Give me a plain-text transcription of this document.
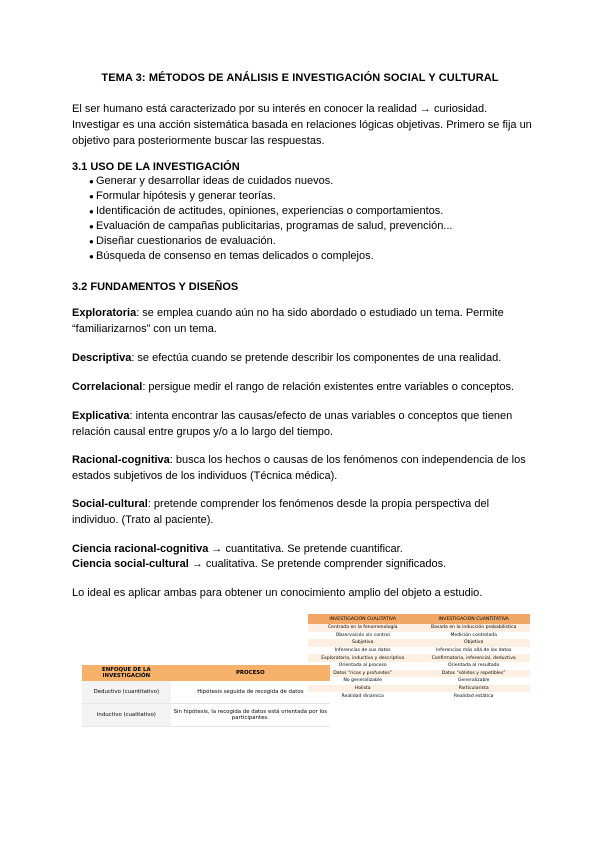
TEMA 3: MÉTODOS DE ANÁLISIS E INVESTIGACIÓN SOCIAL Y CULTURAL
El ser humano está caracterizado por su interés en conocer la realidad → curiosidad. Investigar es una acción sistemática basada en relaciones lógicas objetivas. Primero se fija un objetivo para posteriormente buscar las respuestas.
3.1 USO DE LA INVESTIGACIÓN
● Generar y desarrollar ideas de cuidados nuevos.
● Formular hipótesis y generar teorías.
● Identificación de actitudes, opiniones, experiencias o comportamientos.
● Evaluación de campañas publicitarias, programas de salud, prevención...
● Diseñar cuestionarios de evaluación.
● Búsqueda de consenso en temas delicados o complejos.
3.2 FUNDAMENTOS Y DISEÑOS
Exploratoria: se emplea cuando aún no ha sido abordado o estudiado un tema. Permite “familiarizarnos” con un tema.
Descriptiva: se efectúa cuando se pretende describir los componentes de una realidad.
Correlacional: persigue medir el rango de relación existentes entre variables o conceptos.
Explicativa: intenta encontrar las causas/efecto de unas variables o conceptos que tienen relación causal entre grupos y/o a lo largo del tiempo.
Racional-cognitiva: busca los hechos o causas de los fenómenos con independencia de los estados subjetivos de los individuos (Técnica médica).
Social-cultural: pretende comprender los fenómenos desde la propia perspectiva del individuo. (Trato al paciente).
Ciencia racional-cognitiva → cuantitativa. Se pretende cuantificar.
Ciencia social-cultural → cualitativa. Se pretende comprender significados.
Lo ideal es aplicar ambas para obtener un conocimiento amplio del objeto a estudio.
INVESTIGACIÓN CUALITATIVA	INVESTIGACIÓN CUANTITATIVA
Centrada en la fenomenología	Basada en la inducción probabilística
Observación sin control	Medición controlada
Subjetiva	Objetiva
Inferencias de sus datos	Inferencias más allá de los datos
Exploratoria, inductiva y descriptiva	Confirmatoria, inferencial, deductiva
Orientada al proceso	Orientada al resultado
Datos “ricos y profundos”	Datos “sólidos y repetibles”
No generalizable	Generalizable
Holista	Particularista
Realidad dinámica	Realidad estática
ENFOQUE DE LA INVESTIGACIÓN	PROCESO
Deductivo (cuantitativo)	Hipótesis seguida de recogida de datos
Inductivo (cualitativo)	Sin hipótesis, la recogida de datos está orientada por los participantes.
